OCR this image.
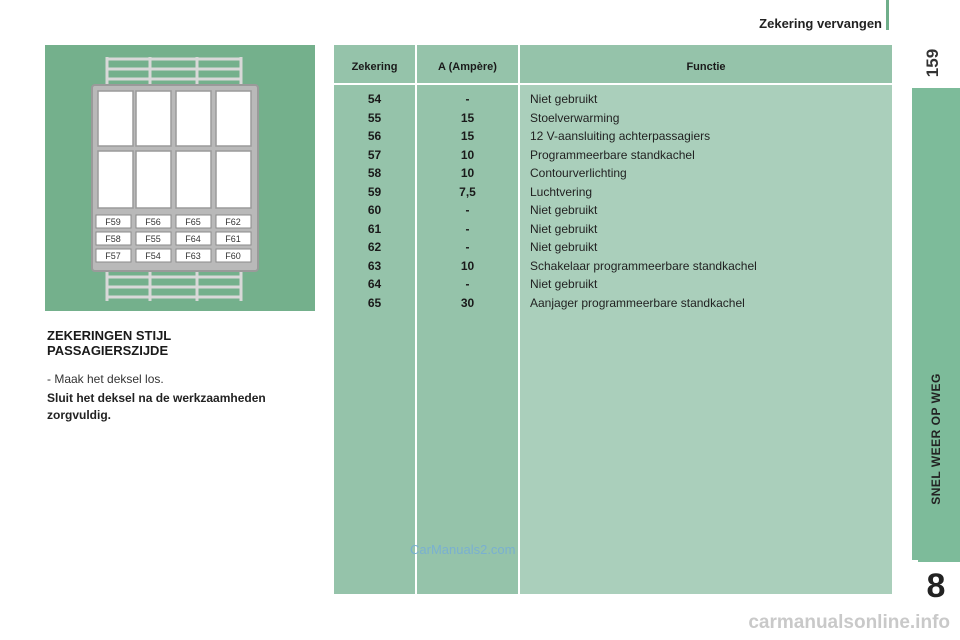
Zekering vervangen
159
SNEL WEER OP WEG
8
F59	F56	F65	F62
F58	F55	F64	F61
F57	F54	F63	F60
ZEKERINGEN STIJL PASSAGIERSZIJDE
- Maak het deksel los.
Sluit het deksel na de werkzaamheden zorgvuldig.
Zekering	A (Ampère)	Functie
54	-	Niet gebruikt
55	15	Stoelverwarming
56	15	12 V-aansluiting achterpassagiers
57	10	Programmeerbare standkachel
58	10	Contourverlichting
59	7,5	Luchtvering
60	-	Niet gebruikt
61	-	Niet gebruikt
62	-	Niet gebruikt
63	10	Schakelaar programmeerbare standkachel
64	-	Niet gebruikt
65	30	Aanjager programmeerbare standkachel
CarManuals2.com
carmanualsonline.info
